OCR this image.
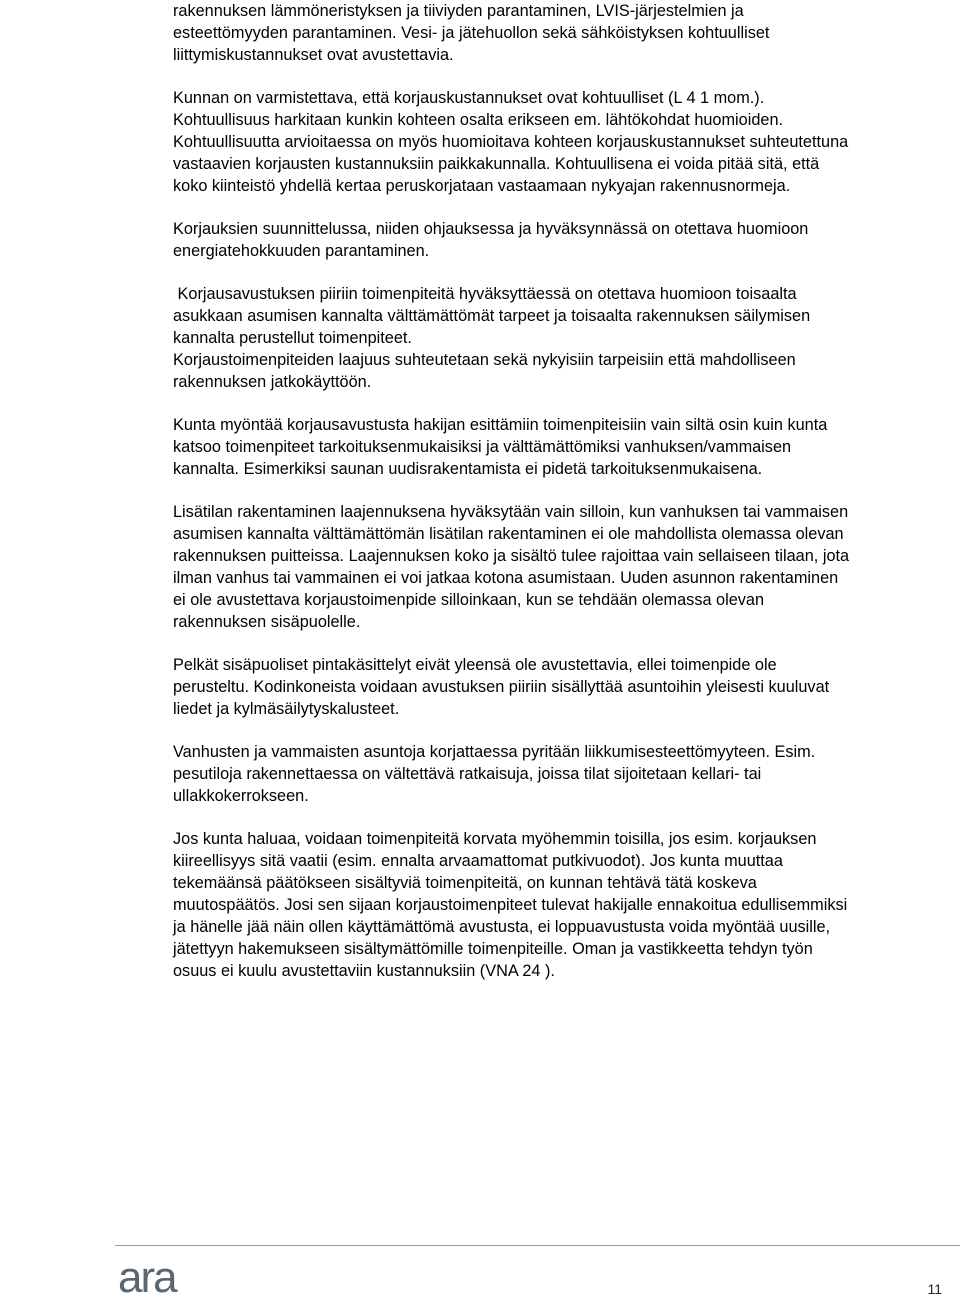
rakennuksen lämmöneristyksen ja tiiviyden parantaminen, LVIS-järjestelmien ja esteettömyyden parantaminen. Vesi- ja jätehuollon sekä sähköistyksen kohtuulliset liittymiskustannukset ovat avustettavia.

Kunnan on varmistettava, että korjauskustannukset ovat kohtuulliset (L 4 1 mom.). Kohtuullisuus harkitaan kunkin kohteen osalta erikseen em. lähtökohdat huomioiden. Kohtuullisuutta arvioitaessa on myös huomioitava kohteen korjauskustannukset suhteutettuna vastaavien korjausten kustannuksiin paikkakunnalla. Kohtuullisena ei voida pitää sitä, että koko kiinteistö yhdellä kertaa peruskorjataan vastaamaan nykyajan rakennusnormeja.

Korjauksien suunnittelussa, niiden ohjauksessa ja hyväksynnässä on otettava huomioon energiatehokkuuden parantaminen.

Korjausavustuksen piiriin toimenpiteitä hyväksyttäessä on otettava huomioon toisaalta asukkaan asumisen kannalta välttämättömät tarpeet ja toisaalta rakennuksen säilymisen kannalta perustellut toimenpiteet.

Korjaustoimenpiteiden laajuus suhteutetaan sekä nykyisiin tarpeisiin että mahdolliseen rakennuksen jatkokäyttöön.

Kunta myöntää korjausavustusta hakijan esittämiin toimenpiteisiin vain siltä osin kuin kunta katsoo toimenpiteet tarkoituksenmukaisiksi ja välttämättömiksi vanhuksen/vammaisen kannalta. Esimerkiksi saunan uudisrakentamista ei pidetä tarkoituksenmukaisena.

Lisätilan rakentaminen laajennuksena hyväksytään vain silloin, kun vanhuksen tai vammaisen asumisen kannalta välttämättömän lisätilan rakentaminen ei ole mahdollista olemassa olevan rakennuksen puitteissa. Laajennuksen koko ja sisältö tulee rajoittaa vain sellaiseen tilaan, jota ilman vanhus tai vammainen ei voi jatkaa kotona asumistaan. Uuden asunnon rakentaminen ei ole avustettava korjaustoimenpide silloinkaan, kun se tehdään olemassa olevan rakennuksen sisäpuolelle.

Pelkät sisäpuoliset pintakäsittelyt eivät yleensä ole avustettavia, ellei toimenpide ole perusteltu. Kodinkoneista voidaan avustuksen piiriin sisällyttää asuntoihin yleisesti kuuluvat liedet ja kylmäsäilytyskalusteet.

Vanhusten ja vammaisten asuntoja korjattaessa pyritään liikkumisesteettömyyteen. Esim. pesutiloja rakennettaessa on vältettävä ratkaisuja, joissa tilat sijoitetaan kellari- tai ullakkokerrokseen.

Jos kunta haluaa, voidaan toimenpiteitä korvata myöhemmin toisilla, jos esim. korjauksen kiireellisyys sitä vaatii (esim. ennalta arvaamattomat putkivuodot). Jos kunta muuttaa tekemäänsä päätökseen sisältyviä toimenpiteitä, on kunnan tehtävä tätä koskeva muutospäätös. Josi sen sijaan korjaustoimenpiteet tulevat hakijalle ennakoitua edullisemmiksi ja hänelle jää näin ollen käyttämättömä avustusta, ei loppuavustusta voida myöntää uusille, jätettyyn hakemukseen sisältymättömille toimenpiteille. Oman ja vastikkeetta tehdyn työn osuus ei kuulu avustettaviin kustannuksiin (VNA 24 ).

ara	11
